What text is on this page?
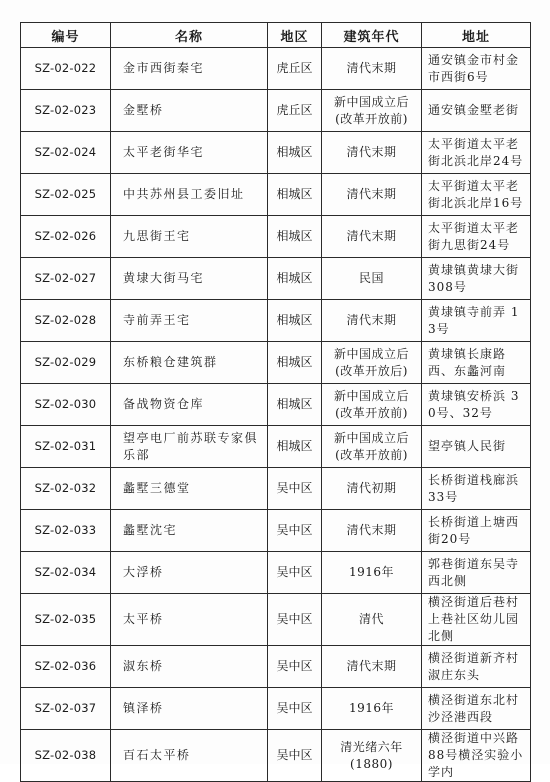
编号	名称	地区	建筑年代	地址
SZ-02-022	金市西街秦宅	虎丘区	清代末期	通安镇金市村金市西街6号
SZ-02-023	金墅桥	虎丘区	新中国成立后(改革开放前)	通安镇金墅老街
SZ-02-024	太平老街华宅	相城区	清代末期	太平街道太平老街北浜北岸24号
SZ-02-025	中共苏州县工委旧址	相城区	清代末期	太平街道太平老街北浜北岸16号
SZ-02-026	九思街王宅	相城区	清代末期	太平街道太平老街九思街24号
SZ-02-027	黄埭大街马宅	相城区	民国	黄埭镇黄埭大街308号
SZ-02-028	寺前弄王宅	相城区	清代末期	黄埭镇寺前弄 13号
SZ-02-029	东桥粮仓建筑群	相城区	新中国成立后(改革开放后)	黄埭镇长康路西、东蠡河南
SZ-02-030	备战物资仓库	相城区	新中国成立后(改革开放前)	黄埭镇安桥浜 30号、32号
SZ-02-031	望亭电厂前苏联专家俱乐部	相城区	新中国成立后(改革开放前)	望亭镇人民街
SZ-02-032	蠡墅三德堂	吴中区	清代初期	长桥街道栈廊浜33号
SZ-02-033	蠡墅沈宅	吴中区	清代末期	长桥街道上塘西街20号
SZ-02-034	大浮桥	吴中区	1916年	郭巷街道东吴寺西北侧
SZ-02-035	太平桥	吴中区	清代	横泾街道后巷村上巷社区幼儿园北侧
SZ-02-036	淑东桥	吴中区	清代末期	横泾街道新齐村淑庄东头
SZ-02-037	镇泽桥	吴中区	1916年	横泾街道东北村沙泾港西段
SZ-02-038	百石太平桥	吴中区	清光绪六年(1880)	横泾街道中兴路88号横泾实验小学内
